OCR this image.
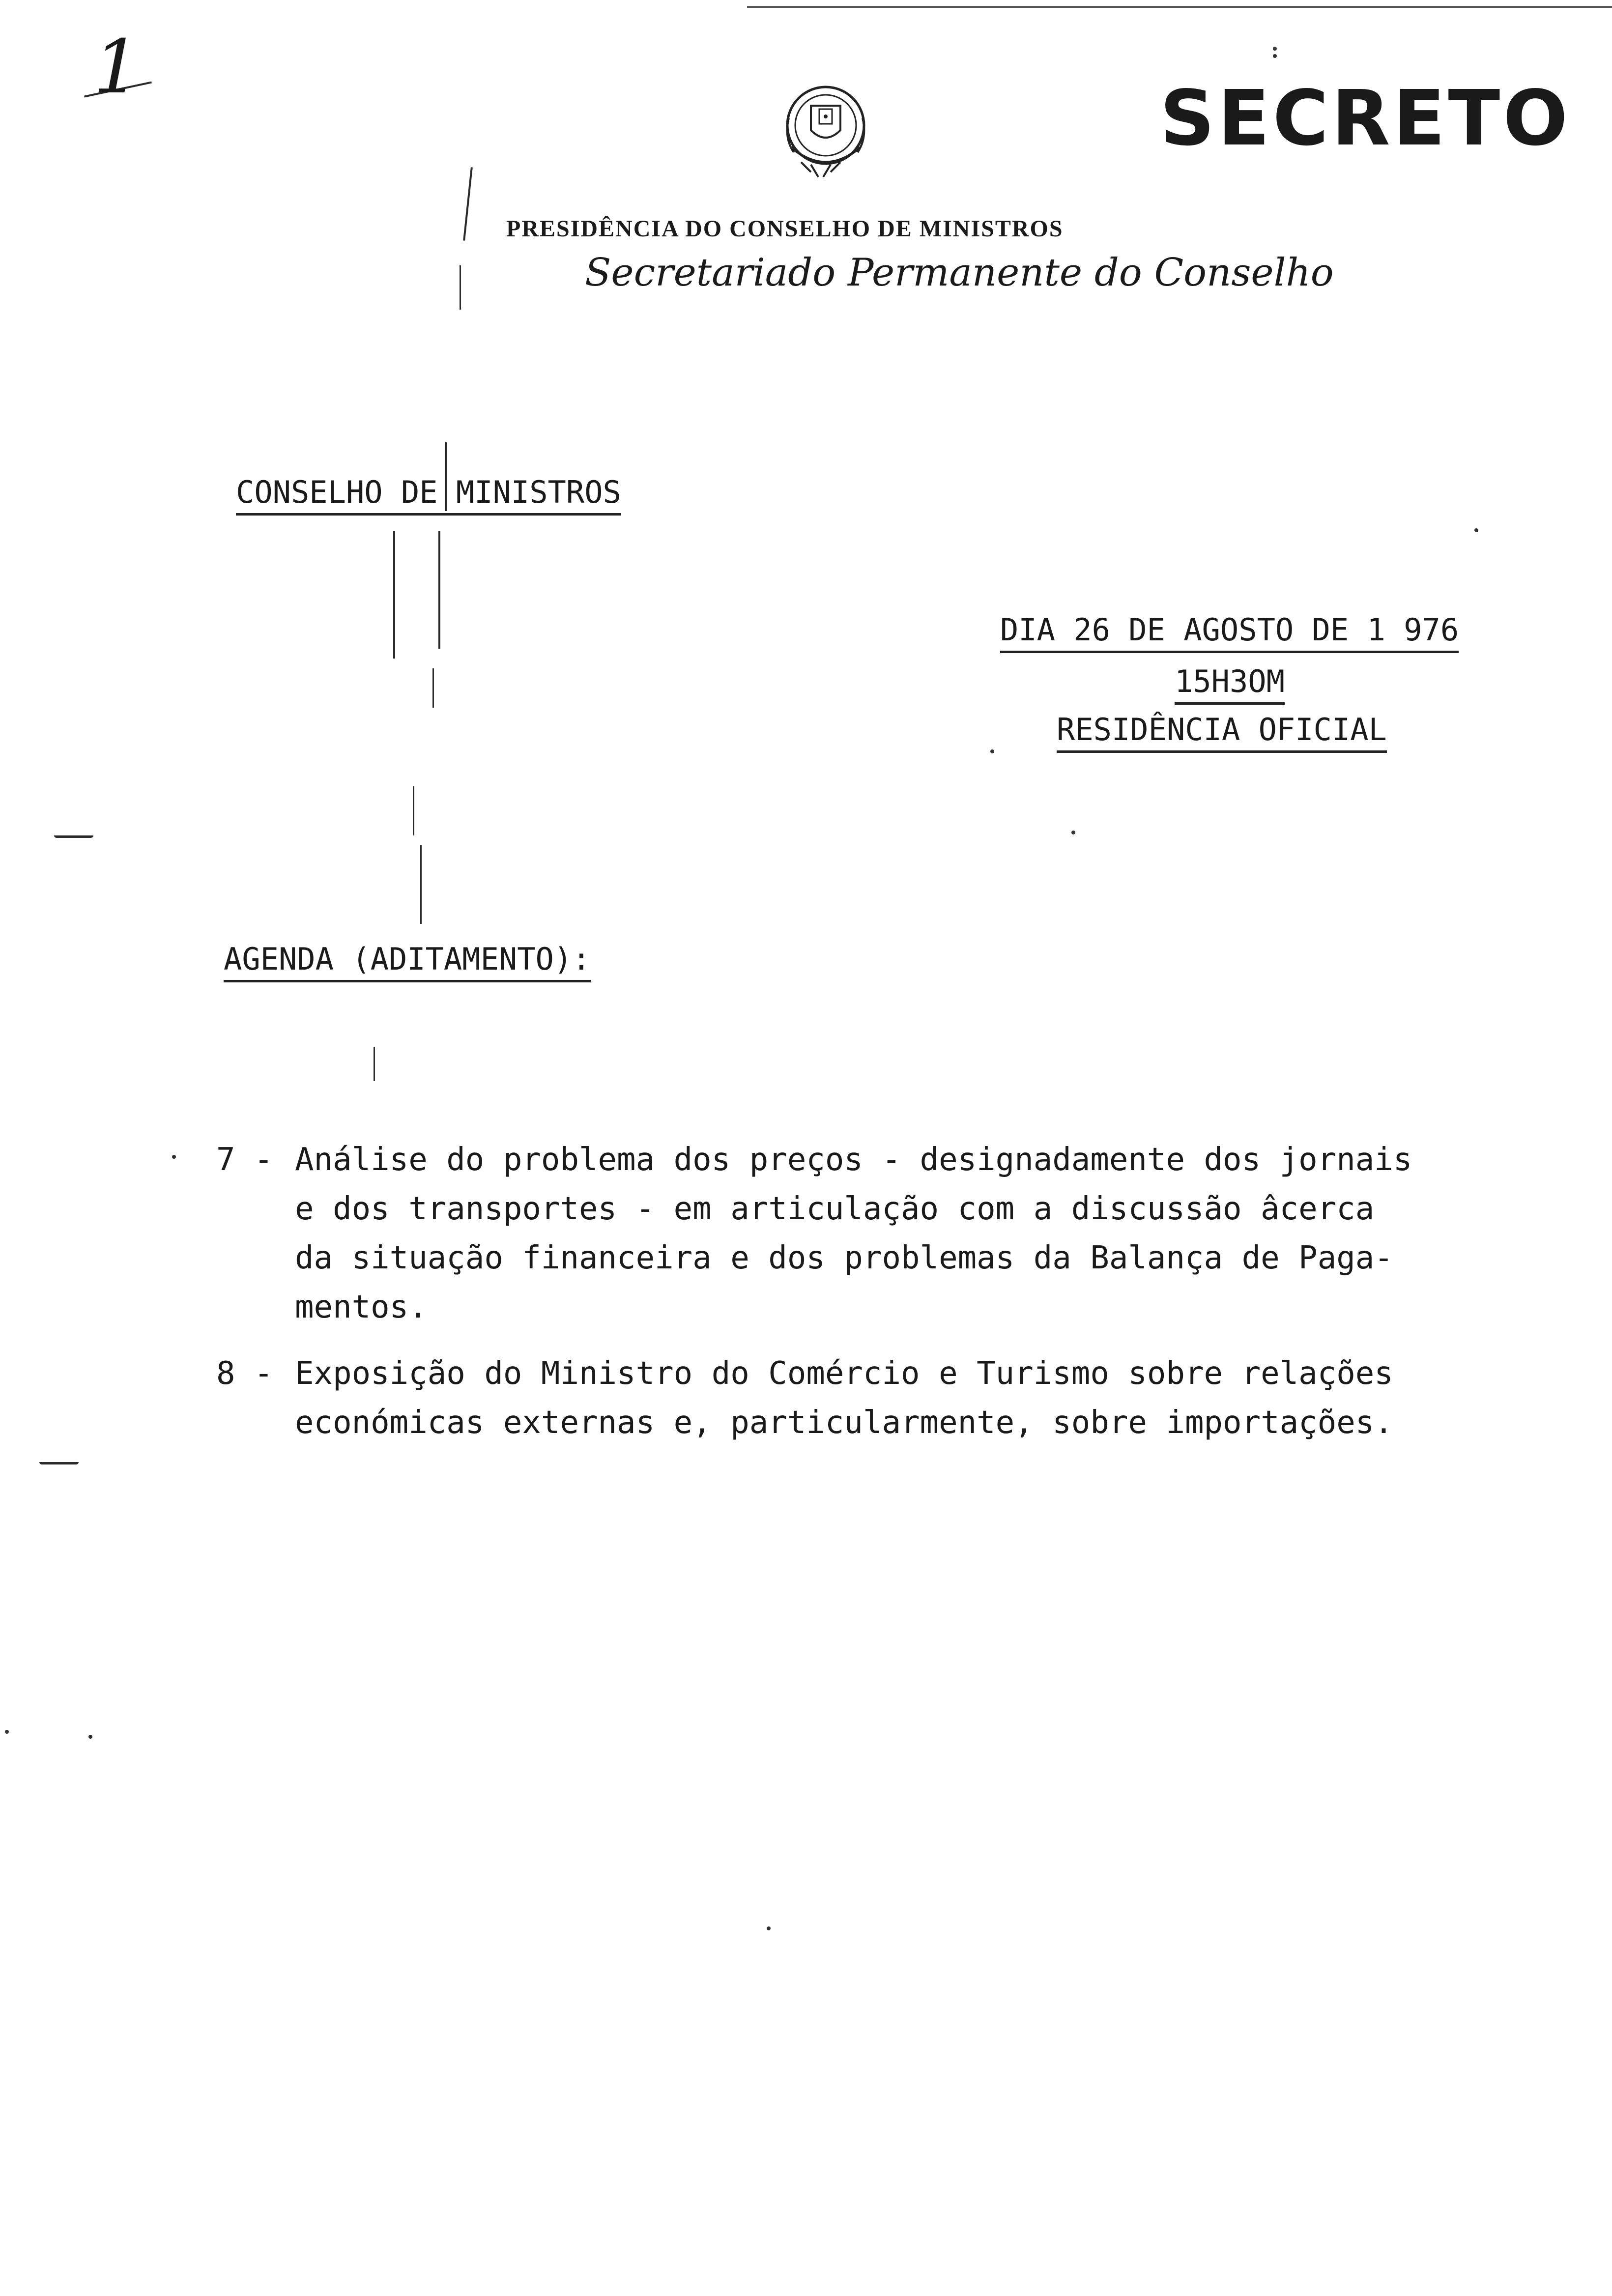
1
SECRETO
PRESIDÊNCIA DO CONSELHO DE MINISTROS
Secretariado Permanente do Conselho
CONSELHO DE MINISTROS
DIA 26 DE AGOSTO DE 1 976
15H3OM
RESIDÊNCIA OFICIAL
AGENDA (ADITAMENTO):
7 - Análise do problema dos preços - designadamente dos jornais
e dos transportes - em articulação com a discussão âcerca
da situação financeira e dos problemas da Balança de Paga-
mentos.
8 - Exposição do Ministro do Comércio e Turismo sobre relações
económicas externas e, particularmente, sobre importações.
